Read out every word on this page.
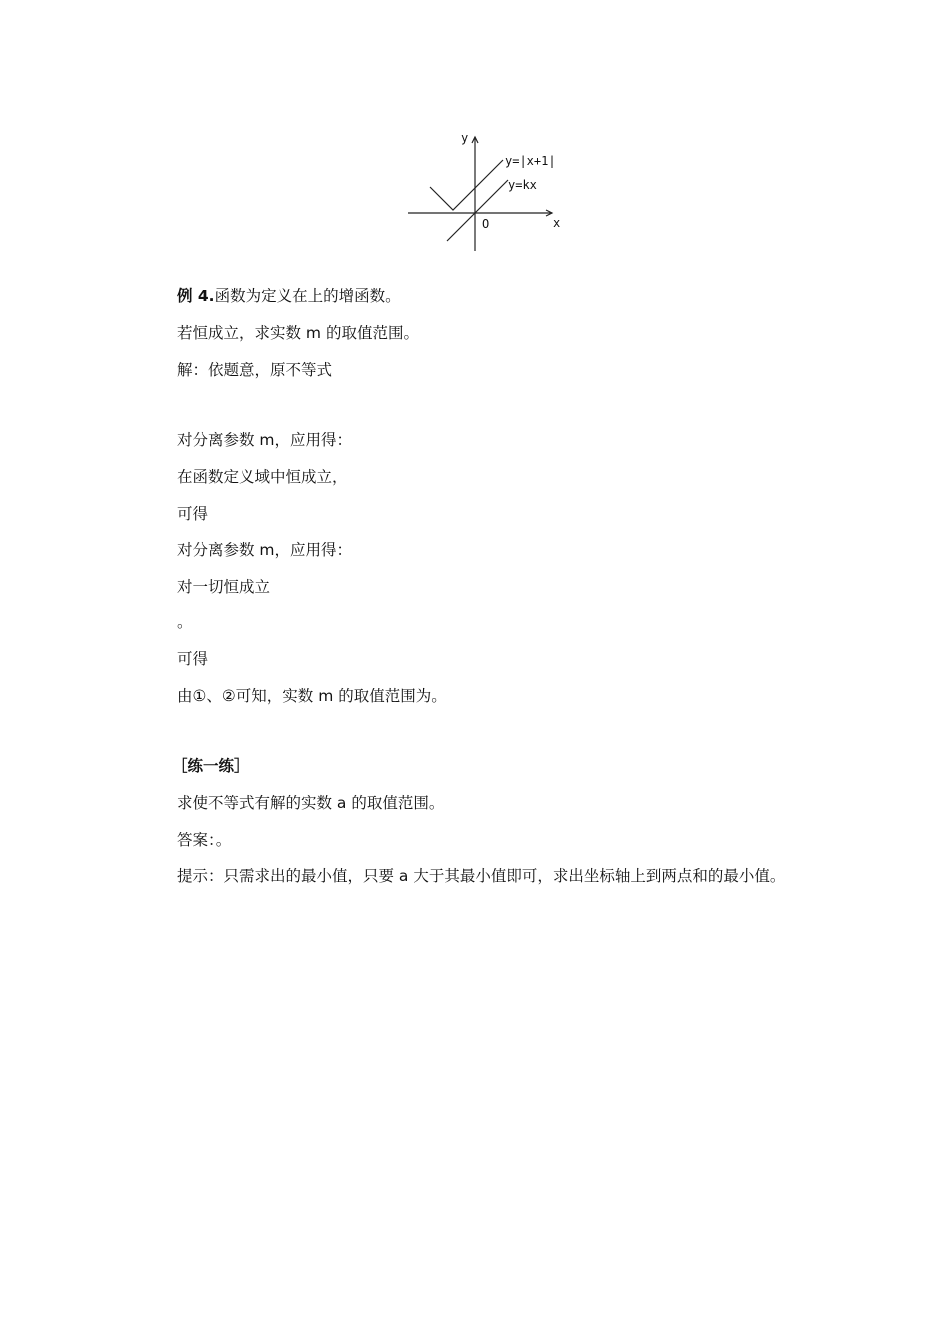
y
x
O
y=|x+1|
y=kx
例 4.函数为定义在上的增函数。
若恒成立，求实数 m 的取值范围。
解：依题意，原不等式
对分离参数 m，应用得：
在函数定义域中恒成立，
可得
对分离参数 m，应用得：
对一切恒成立
。
可得
由①、②可知，实数 m 的取值范围为。
［练一练］
求使不等式有解的实数 a 的取值范围。
答案：。
提示：只需求出的最小值，只要 a 大于其最小值即可，求出坐标轴上到两点和的最小值。
